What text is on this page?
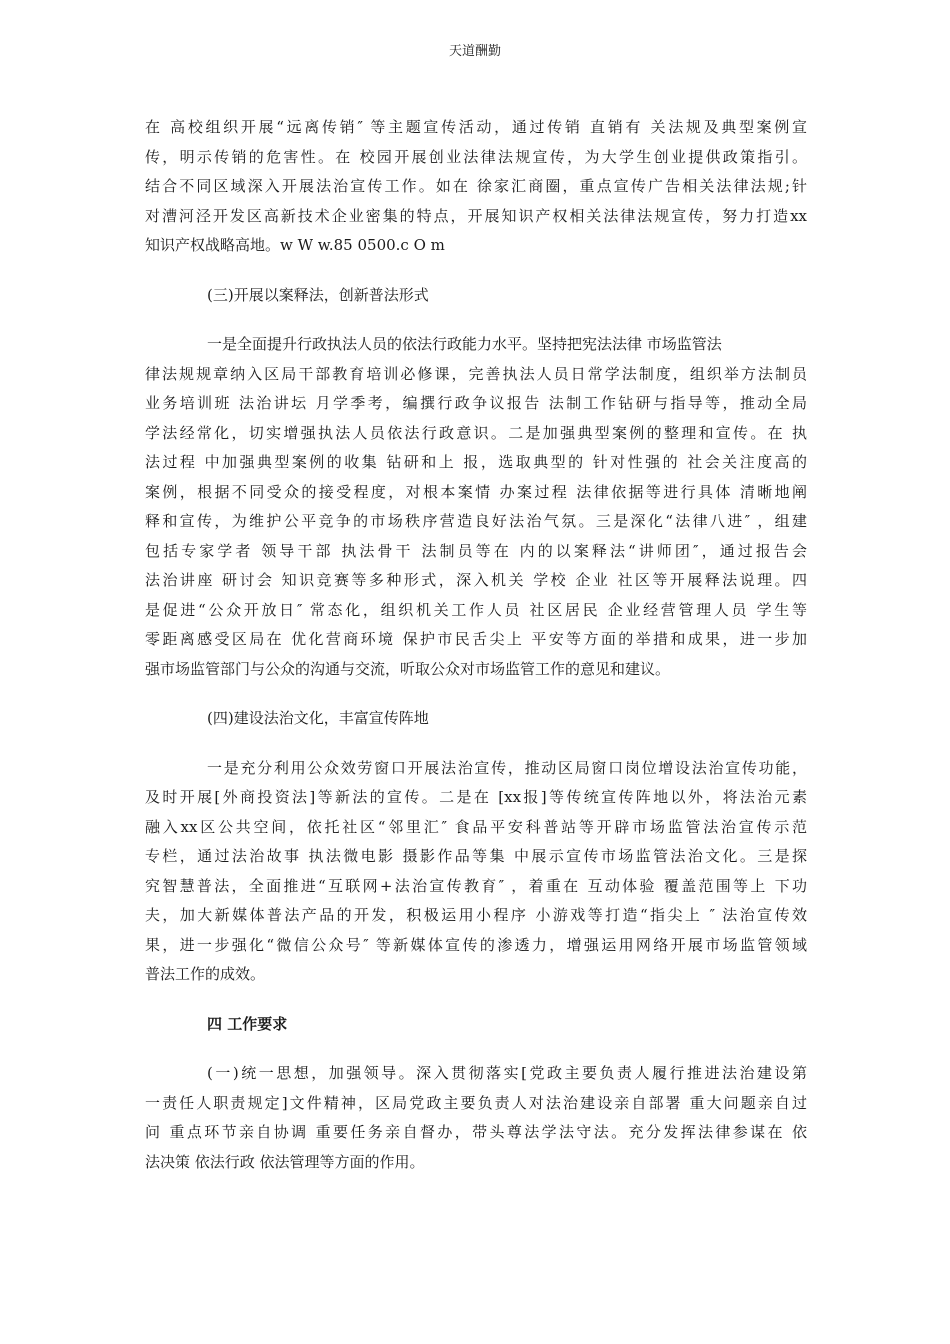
天道酬勤
在 高校组织开展“远离传销″ 等主题宣传活动，通过传销 直销有 关法规及典型案例宣
传，明示传销的危害性。在 校园开展创业法律法规宣传，为大学生创业提供政策指引。
结合不同区域深入开展法治宣传工作。如在 徐家汇商圈，重点宣传广告相关法律法规;针
对漕河泾开发区高新技术企业密集的特点，开展知识产权相关法律法规宣传，努力打造xx
知识产权战略高地。w W w.85 0500.c O m
(三)开展以案释法，创新普法形式
一是全面提升行政执法人员的依法行政能力水平。坚持把宪法法律 市场监管法
律法规规章纳入区局干部教育培训必修课，完善执法人员日常学法制度，组织举方法制员
业务培训班 法治讲坛 月学季考，编撰行政争议报告 法制工作钻研与指导等，推动全局
学法经常化，切实增强执法人员依法行政意识。二是加强典型案例的整理和宣传。在 执
法过程 中加强典型案例的收集 钻研和上 报，选取典型的 针对性强的 社会关注度高的
案例，根据不同受众的接受程度，对根本案情 办案过程 法律依据等进行具体 清晰地阐
释和宣传，为维护公平竞争的市场秩序营造良好法治气氛。三是深化“法律八进″ ，组建
包括专家学者 领导干部 执法骨干 法制员等在 内的以案释法“讲师团″，通过报告会
法治讲座 研讨会 知识竞赛等多种形式，深入机关 学校 企业 社区等开展释法说理。四
是促进“公众开放日″ 常态化，组织机关工作人员 社区居民 企业经营管理人员 学生等
零距离感受区局在 优化营商环境 保护市民舌尖上 平安等方面的举措和成果，进一步加
强市场监管部门与公众的沟通与交流，听取公众对市场监管工作的意见和建议。
(四)建设法治文化，丰富宣传阵地
一是充分利用公众效劳窗口开展法治宣传，推动区局窗口岗位增设法治宣传功能，
及时开展[外商投资法]等新法的宣传。二是在 [xx报]等传统宣传阵地以外，将法治元素
融入xx区公共空间，依托社区“邻里汇″ 食品平安科普站等开辟市场监管法治宣传示范
专栏，通过法治故事 执法微电影 摄影作品等集 中展示宣传市场监管法治文化。三是探
究智慧普法，全面推进“互联网+法治宣传教育″ ，着重在 互动体验 覆盖范围等上 下功
夫，加大新媒体普法产品的开发，积极运用小程序 小游戏等打造“指尖上 ″ 法治宣传效
果，进一步强化“微信公众号″ 等新媒体宣传的渗透力，增强运用网络开展市场监管领域
普法工作的成效。
四 工作要求
(一)统一思想，加强领导。深入贯彻落实[党政主要负责人履行推进法治建设第
一责任人职责规定]文件精神，区局党政主要负责人对法治建设亲自部署 重大问题亲自过
问 重点环节亲自协调 重要任务亲自督办，带头尊法学法守法。充分发挥法律参谋在 依
法决策 依法行政 依法管理等方面的作用。
